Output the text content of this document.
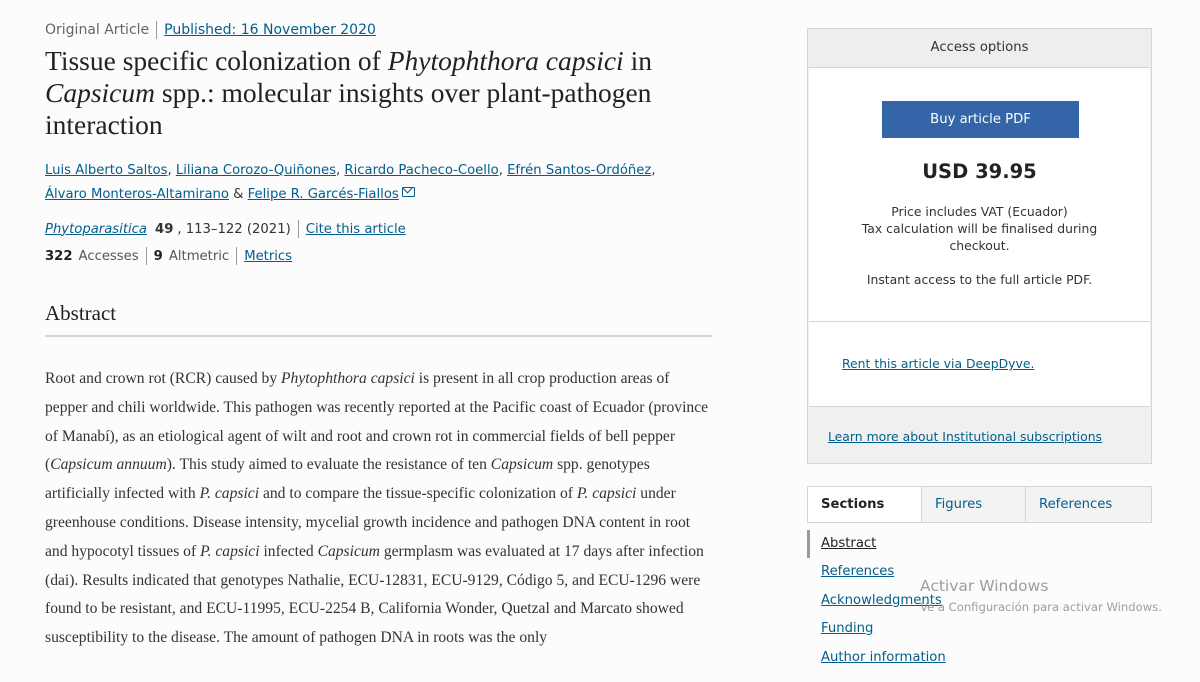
Original Article Published: 16 November 2020
Tissue specific colonization of Phytophthora capsici in Capsicum spp.: molecular insights over plant-pathogen interaction
Luis Alberto Saltos, Liliana Corozo-Quiñones, Ricardo Pacheco-Coello, Efrén Santos-Ordóñez, Álvaro Monteros-Altamirano & Felipe R. Garcés-Fiallos
Phytoparasitica 49 , 113–122 (2021) Cite this article
322 Accesses 9 Altmetric Metrics
Abstract

Root and crown rot (RCR) caused by Phytophthora capsici is present in all crop production areas of pepper and chili worldwide. This pathogen was recently reported at the Pacific coast of Ecuador (province of Manabí), as an etiological agent of wilt and root and crown rot in commercial fields of bell pepper (Capsicum annuum). This study aimed to evaluate the resistance of ten Capsicum spp. genotypes artificially infected with P. capsici and to compare the tissue-specific colonization of P. capsici under greenhouse conditions. Disease intensity, mycelial growth incidence and pathogen DNA content in root and hypocotyl tissues of P. capsici infected Capsicum germplasm was evaluated at 17 days after infection (dai). Results indicated that genotypes Nathalie, ECU-12831, ECU-9129, Código 5, and ECU-1296 were found to be resistant, and ECU-11995, ECU-2254 B, California Wonder, Quetzal and Marcato showed susceptibility to the disease. The amount of pathogen DNA in roots was the only

Access options
Buy article PDF
USD 39.95
Price includes VAT (Ecuador)
Tax calculation will be finalised during checkout.
Instant access to the full article PDF.
Rent this article via DeepDyve.
Learn more about Institutional subscriptions
Sections	Figures	References
Abstract
References
Acknowledgments
Funding
Author information
Activar Windows
Ve a Configuración para activar Windows.
